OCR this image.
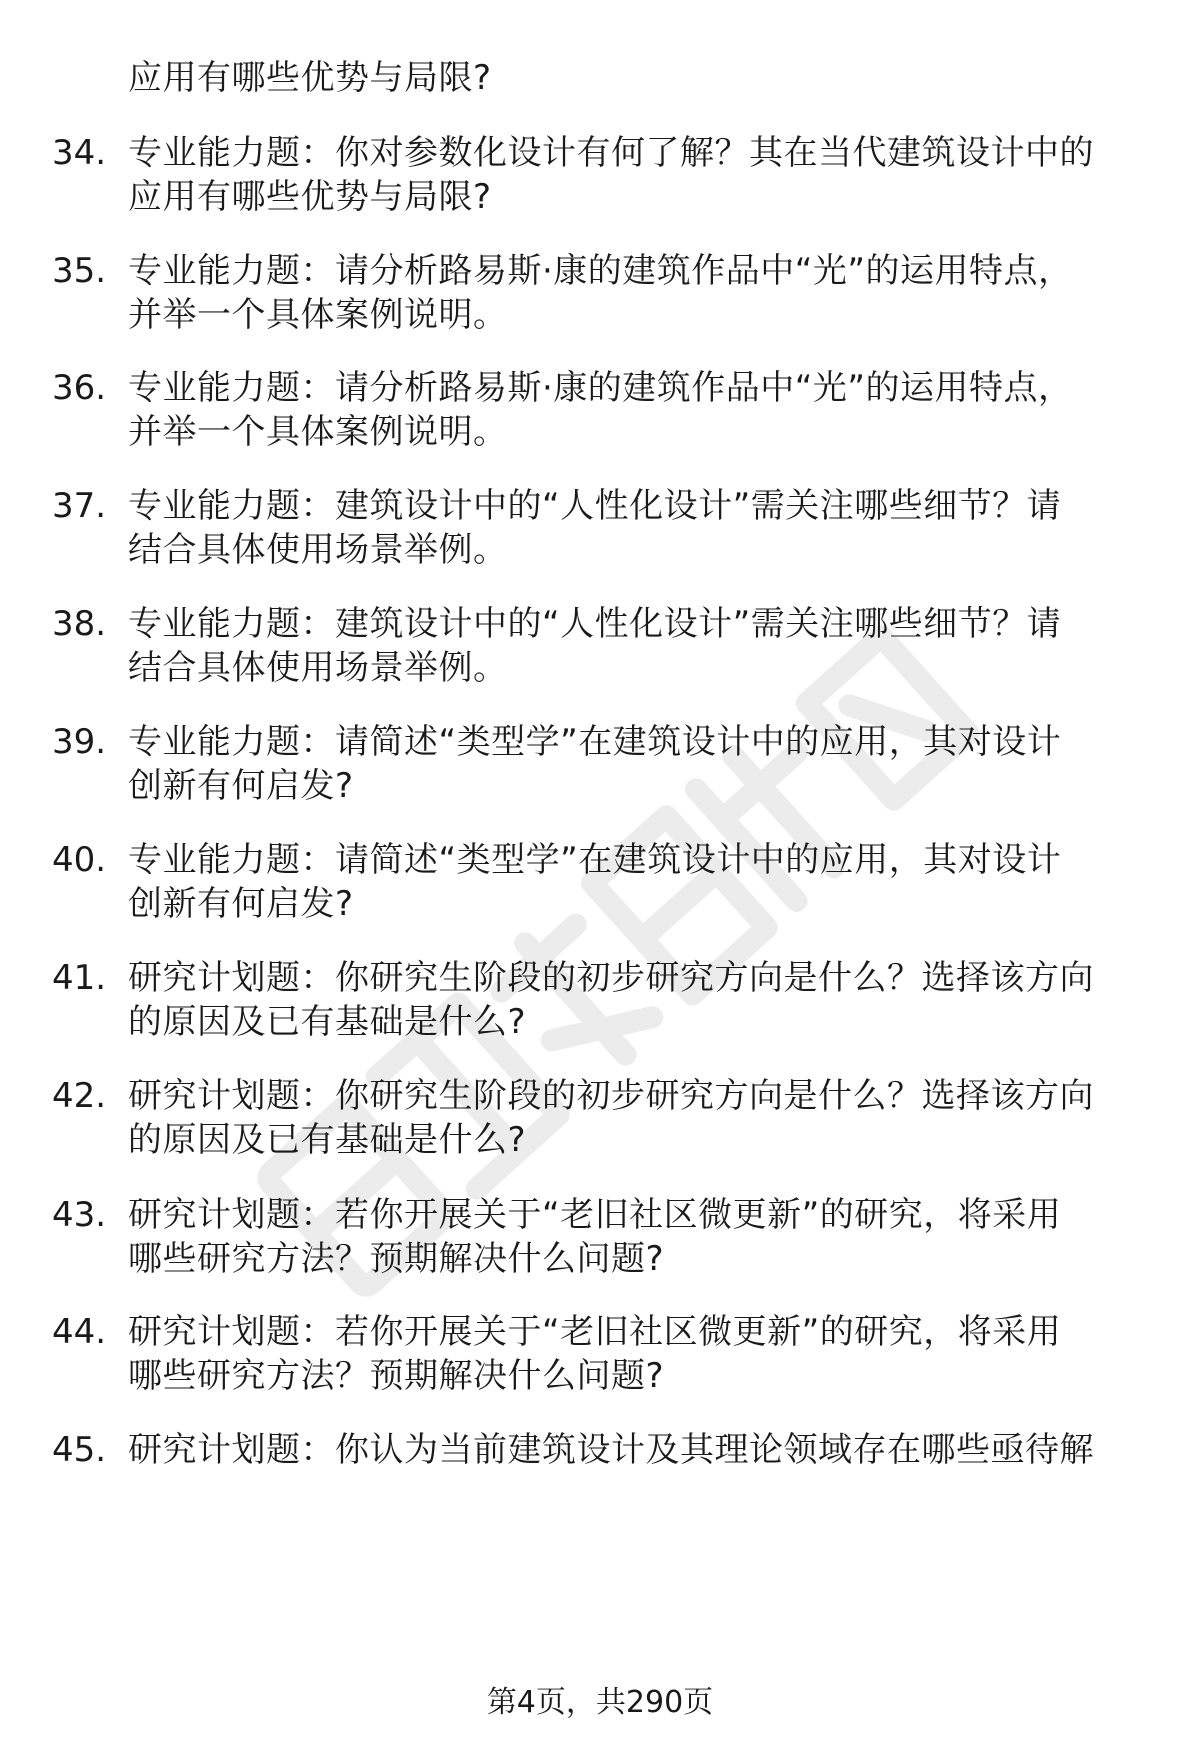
应用有哪些优势与局限?
34. 专业能力题：你对参数化设计有何了解？其在当代建筑设计中的
应用有哪些优势与局限?
35. 专业能力题：请分析路易斯·康的建筑作品中“光”的运用特点，
并举一个具体案例说明。
36. 专业能力题：请分析路易斯·康的建筑作品中“光”的运用特点，
并举一个具体案例说明。
37. 专业能力题：建筑设计中的“人性化设计”需关注哪些细节？请
结合具体使用场景举例。
38. 专业能力题：建筑设计中的“人性化设计”需关注哪些细节？请
结合具体使用场景举例。
39. 专业能力题：请简述“类型学”在建筑设计中的应用，其对设计
创新有何启发?
40. 专业能力题：请简述“类型学”在建筑设计中的应用，其对设计
创新有何启发?
41. 研究计划题：你研究生阶段的初步研究方向是什么？选择该方向
的原因及已有基础是什么?
42. 研究计划题：你研究生阶段的初步研究方向是什么？选择该方向
的原因及已有基础是什么?
43. 研究计划题：若你开展关于“老旧社区微更新”的研究，将采用
哪些研究方法？预期解决什么问题?
44. 研究计划题：若你开展关于“老旧社区微更新”的研究，将采用
哪些研究方法？预期解决什么问题?
45. 研究计划题：你认为当前建筑设计及其理论领域存在哪些亟待解
第4页，共290页
